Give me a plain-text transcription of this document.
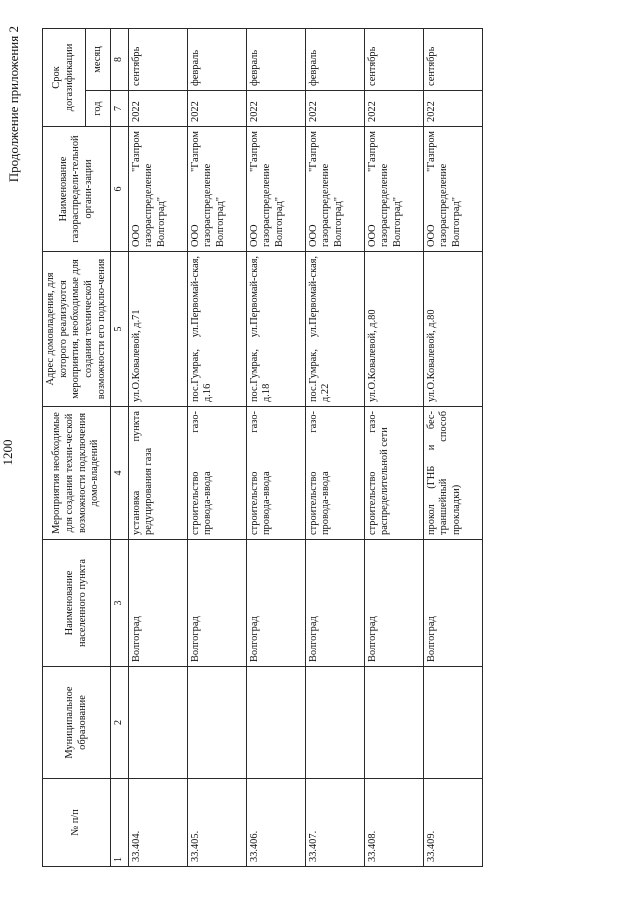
1200
Продолжение приложения 2
№ п/п	Муниципальное образование	Наименование населенного пункта	Мероприятия необходимые для создания техни-ческой возможности подключения домо-владений	Адрес домовладения, для которого реализуются мероприятия, необходимые для создания технической возможности его подклю-чения	Наименование газораспредели-тельной органи-зации	Срок догазификации	
						год	месяц
1	2	3	4	5	6	7	8
33.404.		Волгоград	установка пункта редуцирования газа	ул.О.Ковалевой, д.71	ООО "Газпром газораспределение Волгоград"	2022	сентябрь
33.405.		Волгоград	строительство газо-провода-ввода	пос.Гумрак, ул.Первомай-ская, д.16	ООО "Газпром газораспределение Волгоград"	2022	февраль
33.406.		Волгоград	строительство газо-провода-ввода	пос.Гумрак, ул.Первомай-ская, д.18	ООО "Газпром газораспределение Волгоград"	2022	февраль
33.407.		Волгоград	строительство газо-провода-ввода	пос.Гумрак, ул.Первомай-ская, д.22	ООО "Газпром газораспределение Волгоград"	2022	февраль
33.408.		Волгоград	строительство газо-распределительной сети	ул.О.Ковалевой, д.80	ООО "Газпром газораспределение Волгоград"	2022	сентябрь
33.409.		Волгоград	прокол (ГНБ и бес-траншейный способ прокладки)	ул.О.Ковалевой, д.80	ООО "Газпром газораспределение Волгоград"	2022	сентябрь
